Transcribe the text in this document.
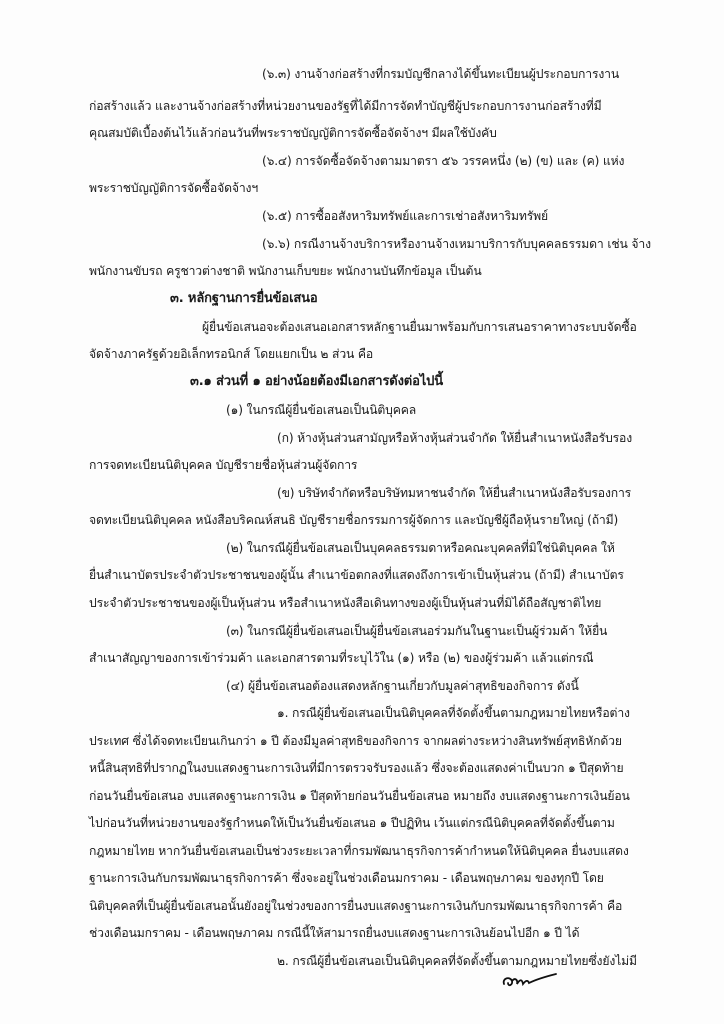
(๖.๓) งานจ้างก่อสร้างที่กรมบัญชีกลางได้ขึ้นทะเบียนผู้ประกอบการงาน
ก่อสร้างแล้ว และงานจ้างก่อสร้างที่หน่วยงานของรัฐที่ได้มีการจัดทำบัญชีผู้ประกอบการงานก่อสร้างที่มี
คุณสมบัติเบื้องต้นไว้แล้วก่อนวันที่พระราชบัญญัติการจัดซื้อจัดจ้างฯ มีผลใช้บังคับ
(๖.๔) การจัดซื้อจัดจ้างตามมาตรา ๕๖ วรรคหนึ่ง (๒) (ข) และ (ค) แห่ง
พระราชบัญญัติการจัดซื้อจัดจ้างฯ
(๖.๕) การซื้ออสังหาริมทรัพย์และการเช่าอสังหาริมทรัพย์
(๖.๖) กรณีงานจ้างบริการหรืองานจ้างเหมาบริการกับบุคคลธรรมดา เช่น จ้าง
พนักงานขับรถ ครูชาวต่างชาติ พนักงานเก็บขยะ พนักงานบันทึกข้อมูล เป็นต้น
๓. หลักฐานการยื่นข้อเสนอ
ผู้ยื่นข้อเสนอจะต้องเสนอเอกสารหลักฐานยื่นมาพร้อมกับการเสนอราคาทางระบบจัดซื้อ
จัดจ้างภาครัฐด้วยอิเล็กทรอนิกส์ โดยแยกเป็น ๒ ส่วน คือ
๓.๑ ส่วนที่ ๑ อย่างน้อยต้องมีเอกสารดังต่อไปนี้
(๑) ในกรณีผู้ยื่นข้อเสนอเป็นนิติบุคคล
(ก) ห้างหุ้นส่วนสามัญหรือห้างหุ้นส่วนจำกัด ให้ยื่นสำเนาหนังสือรับรอง
การจดทะเบียนนิติบุคคล บัญชีรายชื่อหุ้นส่วนผู้จัดการ
(ข) บริษัทจำกัดหรือบริษัทมหาชนจำกัด ให้ยื่นสำเนาหนังสือรับรองการ
จดทะเบียนนิติบุคคล หนังสือบริคณห์สนธิ บัญชีรายชื่อกรรมการผู้จัดการ และบัญชีผู้ถือหุ้นรายใหญ่ (ถ้ามี)
(๒) ในกรณีผู้ยื่นข้อเสนอเป็นบุคคลธรรมดาหรือคณะบุคคลที่มิใช่นิติบุคคล ให้
ยื่นสำเนาบัตรประจำตัวประชาชนของผู้นั้น สำเนาข้อตกลงที่แสดงถึงการเข้าเป็นหุ้นส่วน (ถ้ามี) สำเนาบัตร
ประจำตัวประชาชนของผู้เป็นหุ้นส่วน หรือสำเนาหนังสือเดินทางของผู้เป็นหุ้นส่วนที่มิได้ถือสัญชาติไทย
(๓) ในกรณีผู้ยื่นข้อเสนอเป็นผู้ยื่นข้อเสนอร่วมกันในฐานะเป็นผู้ร่วมค้า ให้ยื่น
สำเนาสัญญาของการเข้าร่วมค้า และเอกสารตามที่ระบุไว้ใน (๑) หรือ (๒) ของผู้ร่วมค้า แล้วแต่กรณี
(๔) ผู้ยื่นข้อเสนอต้องแสดงหลักฐานเกี่ยวกับมูลค่าสุทธิของกิจการ ดังนี้
๑. กรณีผู้ยื่นข้อเสนอเป็นนิติบุคคลที่จัดตั้งขึ้นตามกฎหมายไทยหรือต่าง
ประเทศ ซึ่งได้จดทะเบียนเกินกว่า ๑ ปี ต้องมีมูลค่าสุทธิของกิจการ จากผลต่างระหว่างสินทรัพย์สุทธิหักด้วย
หนี้สินสุทธิที่ปรากฏในงบแสดงฐานะการเงินที่มีการตรวจรับรองแล้ว ซึ่งจะต้องแสดงค่าเป็นบวก ๑ ปีสุดท้าย
ก่อนวันยื่นข้อเสนอ งบแสดงฐานะการเงิน ๑ ปีสุดท้ายก่อนวันยื่นข้อเสนอ หมายถึง งบแสดงฐานะการเงินย้อน
ไปก่อนวันที่หน่วยงานของรัฐกำหนดให้เป็นวันยื่นข้อเสนอ ๑ ปีปฏิทิน เว้นแต่กรณีนิติบุคคลที่จัดตั้งขึ้นตาม
กฎหมายไทย หากวันยื่นข้อเสนอเป็นช่วงระยะเวลาที่กรมพัฒนาธุรกิจการค้ากำหนดให้นิติบุคคล ยื่นงบแสดง
ฐานะการเงินกับกรมพัฒนาธุรกิจการค้า ซึ่งจะอยู่ในช่วงเดือนมกราคม - เดือนพฤษภาคม ของทุกปี โดย
นิติบุคคลที่เป็นผู้ยื่นข้อเสนอนั้นยังอยู่ในช่วงของการยื่นงบแสดงฐานะการเงินกับกรมพัฒนาธุรกิจการค้า คือ
ช่วงเดือนมกราคม - เดือนพฤษภาคม กรณีนี้ให้สามารถยื่นงบแสดงฐานะการเงินย้อนไปอีก ๑ ปี ได้
๒. กรณีผู้ยื่นข้อเสนอเป็นนิติบุคคลที่จัดตั้งขึ้นตามกฎหมายไทยซึ่งยังไม่มี
